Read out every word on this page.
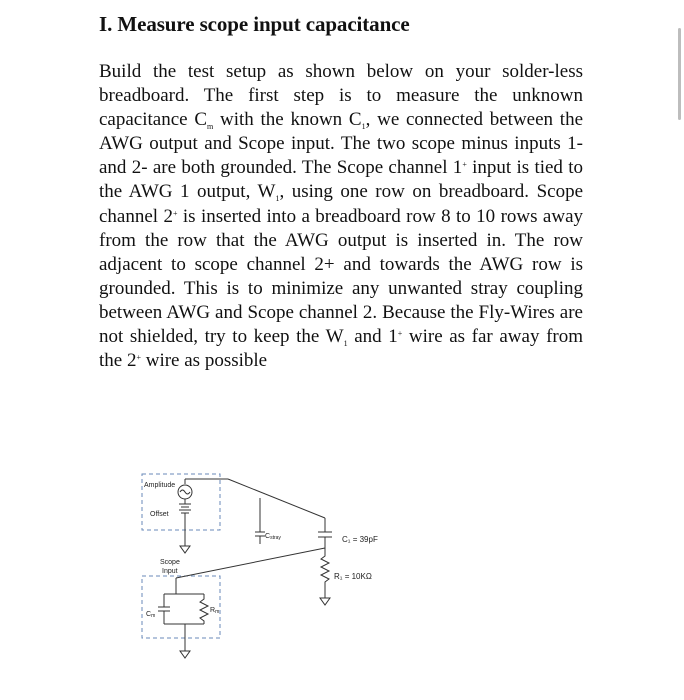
I. Measure scope input capacitance
Build the test setup as shown below on your solder-less breadboard. The first step is to measure the unknown capacitance $C_m$ with the known $C_1$, we connected between the AWG output and Scope input. The two scope minus inputs 1- and 2- are both grounded. The Scope channel 1+ input is tied to the AWG 1 output, $W_1$, using one row on breadboard. Scope channel 2+ is inserted into a breadboard row 8 to 10 rows away from the row that the AWG output is inserted in. The row adjacent to scope channel 2+ and towards the AWG row is grounded. This is to minimize any unwanted stray coupling between AWG and Scope channel 2. Because the Fly-Wires are not shielded, try to keep the $W_1$ and 1+ wire as far away from the 2+ wire as possible
Amplitude
Offset
Scope
Input
Cstray	C₁ = 39pF
R₁ = 10KΩ
Cm
Rm
